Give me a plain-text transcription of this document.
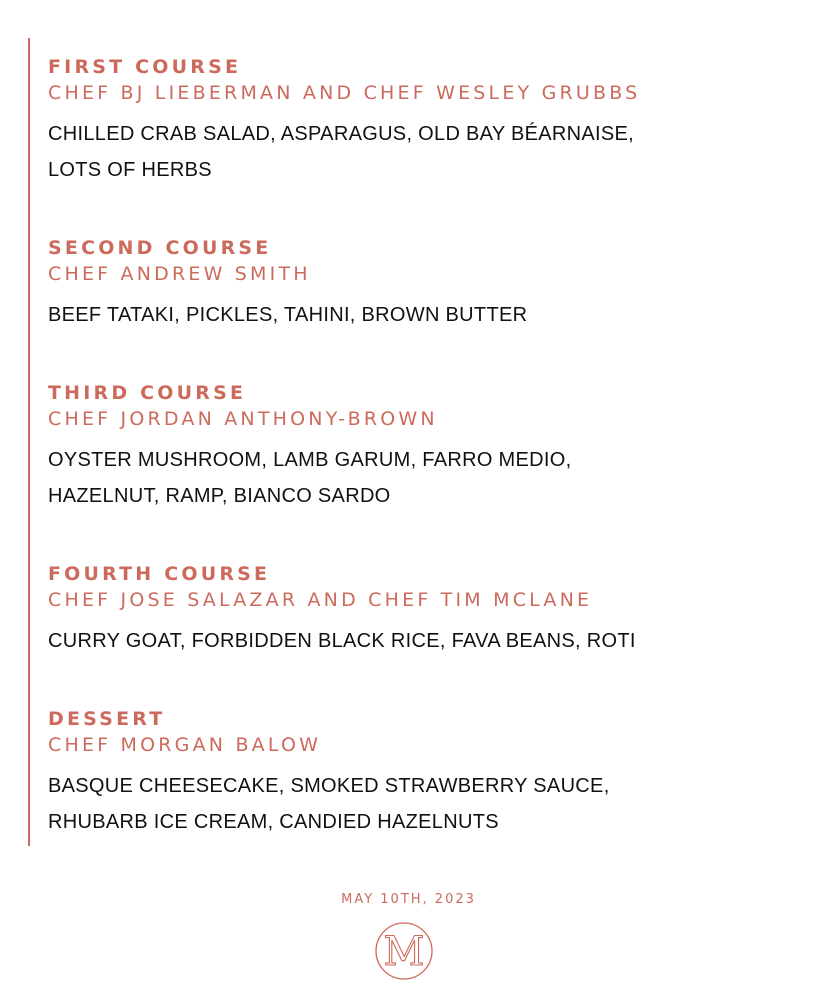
FIRST COURSE
CHEF BJ LIEBERMAN AND CHEF WESLEY GRUBBS
CHILLED CRAB SALAD, ASPARAGUS, OLD BAY BÉARNAISE,
LOTS OF HERBS
SECOND COURSE
CHEF ANDREW SMITH
BEEF TATAKI, PICKLES, TAHINI, BROWN BUTTER
THIRD COURSE
CHEF JORDAN ANTHONY-BROWN
OYSTER MUSHROOM, LAMB GARUM, FARRO MEDIO,
HAZELNUT, RAMP, BIANCO SARDO
FOURTH COURSE
CHEF JOSE SALAZAR AND CHEF TIM MCLANE
CURRY GOAT, FORBIDDEN BLACK RICE, FAVA BEANS, ROTI
DESSERT
CHEF MORGAN BALOW
BASQUE CHEESECAKE, SMOKED STRAWBERRY SAUCE,
RHUBARB ICE CREAM, CANDIED HAZELNUTS
MAY 10TH, 2023
M
